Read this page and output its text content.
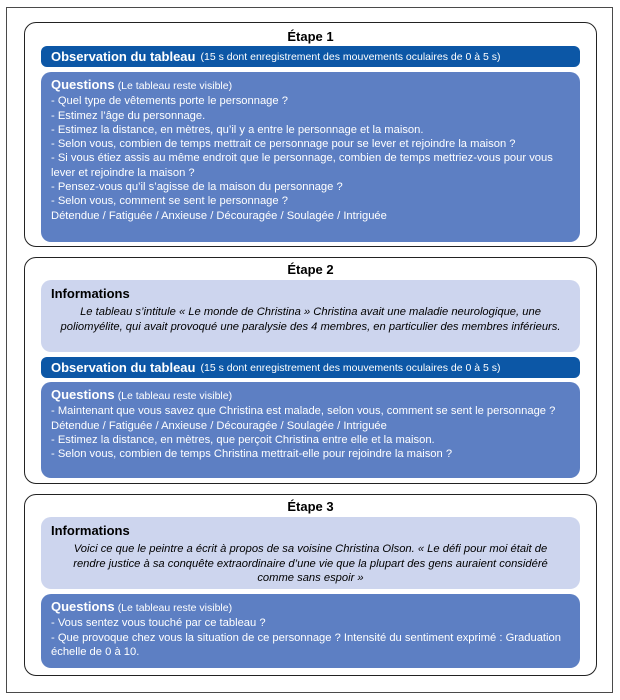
Étape 1
Observation du tableau (15 s dont enregistrement des mouvements oculaires de 0 à 5 s)
Questions (Le tableau reste visible)
- Quel type de vêtements porte le personnage ?
- Estimez l’âge du personnage.
- Estimez la distance, en mètres, qu’il y a entre le personnage et la maison.
- Selon vous, combien de temps mettrait ce personnage pour se lever et rejoindre la maison ?
- Si vous étiez assis au même endroit que le personnage, combien de temps mettriez-vous pour vous lever et rejoindre la maison ?
- Pensez-vous qu’il s’agisse de la maison du personnage ?
- Selon vous, comment se sent le personnage ?
Détendue / Fatiguée / Anxieuse / Découragée / Soulagée / Intriguée
Étape 2
Informations
Le tableau s’intitule « Le monde de Christina » Christina avait une maladie neurologique, une poliomyélite, qui avait provoqué une paralysie des 4 membres, en particulier des membres inférieurs.
Observation du tableau (15 s dont enregistrement des mouvements oculaires de 0 à 5 s)
Questions (Le tableau reste visible)
- Maintenant que vous savez que Christina est malade, selon vous, comment se sent le personnage ?
Détendue / Fatiguée / Anxieuse / Découragée / Soulagée / Intriguée
- Estimez la distance, en mètres, que perçoit Christina entre elle et la maison.
- Selon vous, combien de temps Christina mettrait-elle pour rejoindre la maison ?
Étape 3
Informations
Voici ce que le peintre a écrit à propos de sa voisine Christina Olson. « Le défi pour moi était de rendre justice à sa conquête extraordinaire d’une vie que la plupart des gens auraient considéré comme sans espoir »
Questions (Le tableau reste visible)
- Vous sentez vous touché par ce tableau ?
- Que provoque chez vous la situation de ce personnage ? Intensité du sentiment exprimé : Graduation échelle de 0 à 10.
